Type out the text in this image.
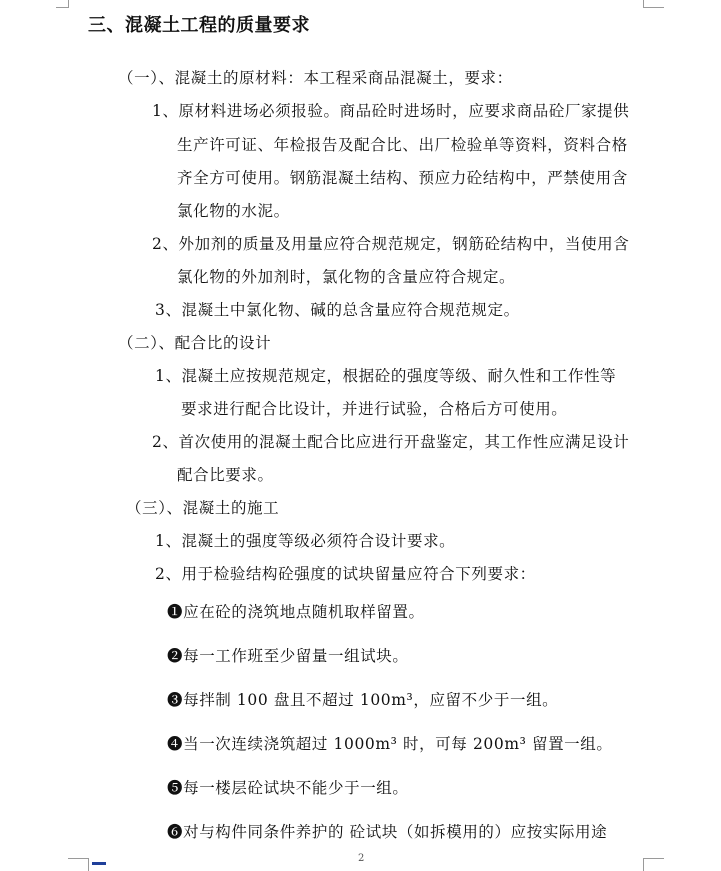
三、混凝土工程的质量要求
（一）、混凝土的原材料：本工程采商品混凝土，要求：
1、原材料进场必须报验。商品砼时进场时，应要求商品砼厂家提供
生产许可证、年检报告及配合比、出厂检验单等资料，资料合格
齐全方可使用。钢筋混凝土结构、预应力砼结构中，严禁使用含
氯化物的水泥。
2、外加剂的质量及用量应符合规范规定，钢筋砼结构中，当使用含
氯化物的外加剂时，氯化物的含量应符合规定。
3、混凝土中氯化物、碱的总含量应符合规范规定。
（二）、配合比的设计
1、混凝土应按规范规定，根据砼的强度等级、耐久性和工作性等
要求进行配合比设计，并进行试验，合格后方可使用。
2、首次使用的混凝土配合比应进行开盘鉴定，其工作性应满足设计
配合比要求。
（三）、混凝土的施工
1、混凝土的强度等级必须符合设计要求。
2、用于检验结构砼强度的试块留量应符合下列要求：
➊应在砼的浇筑地点随机取样留置。
➋每一工作班至少留量一组试块。
➌每拌制 100 盘且不超过 100m³，应留不少于一组。
➍当一次连续浇筑超过 1000m³ 时，可每 200m³ 留置一组。
➎每一楼层砼试块不能少于一组。
➏对与构件同条件养护的 砼试块（如拆模用的）应按实际用途
2
